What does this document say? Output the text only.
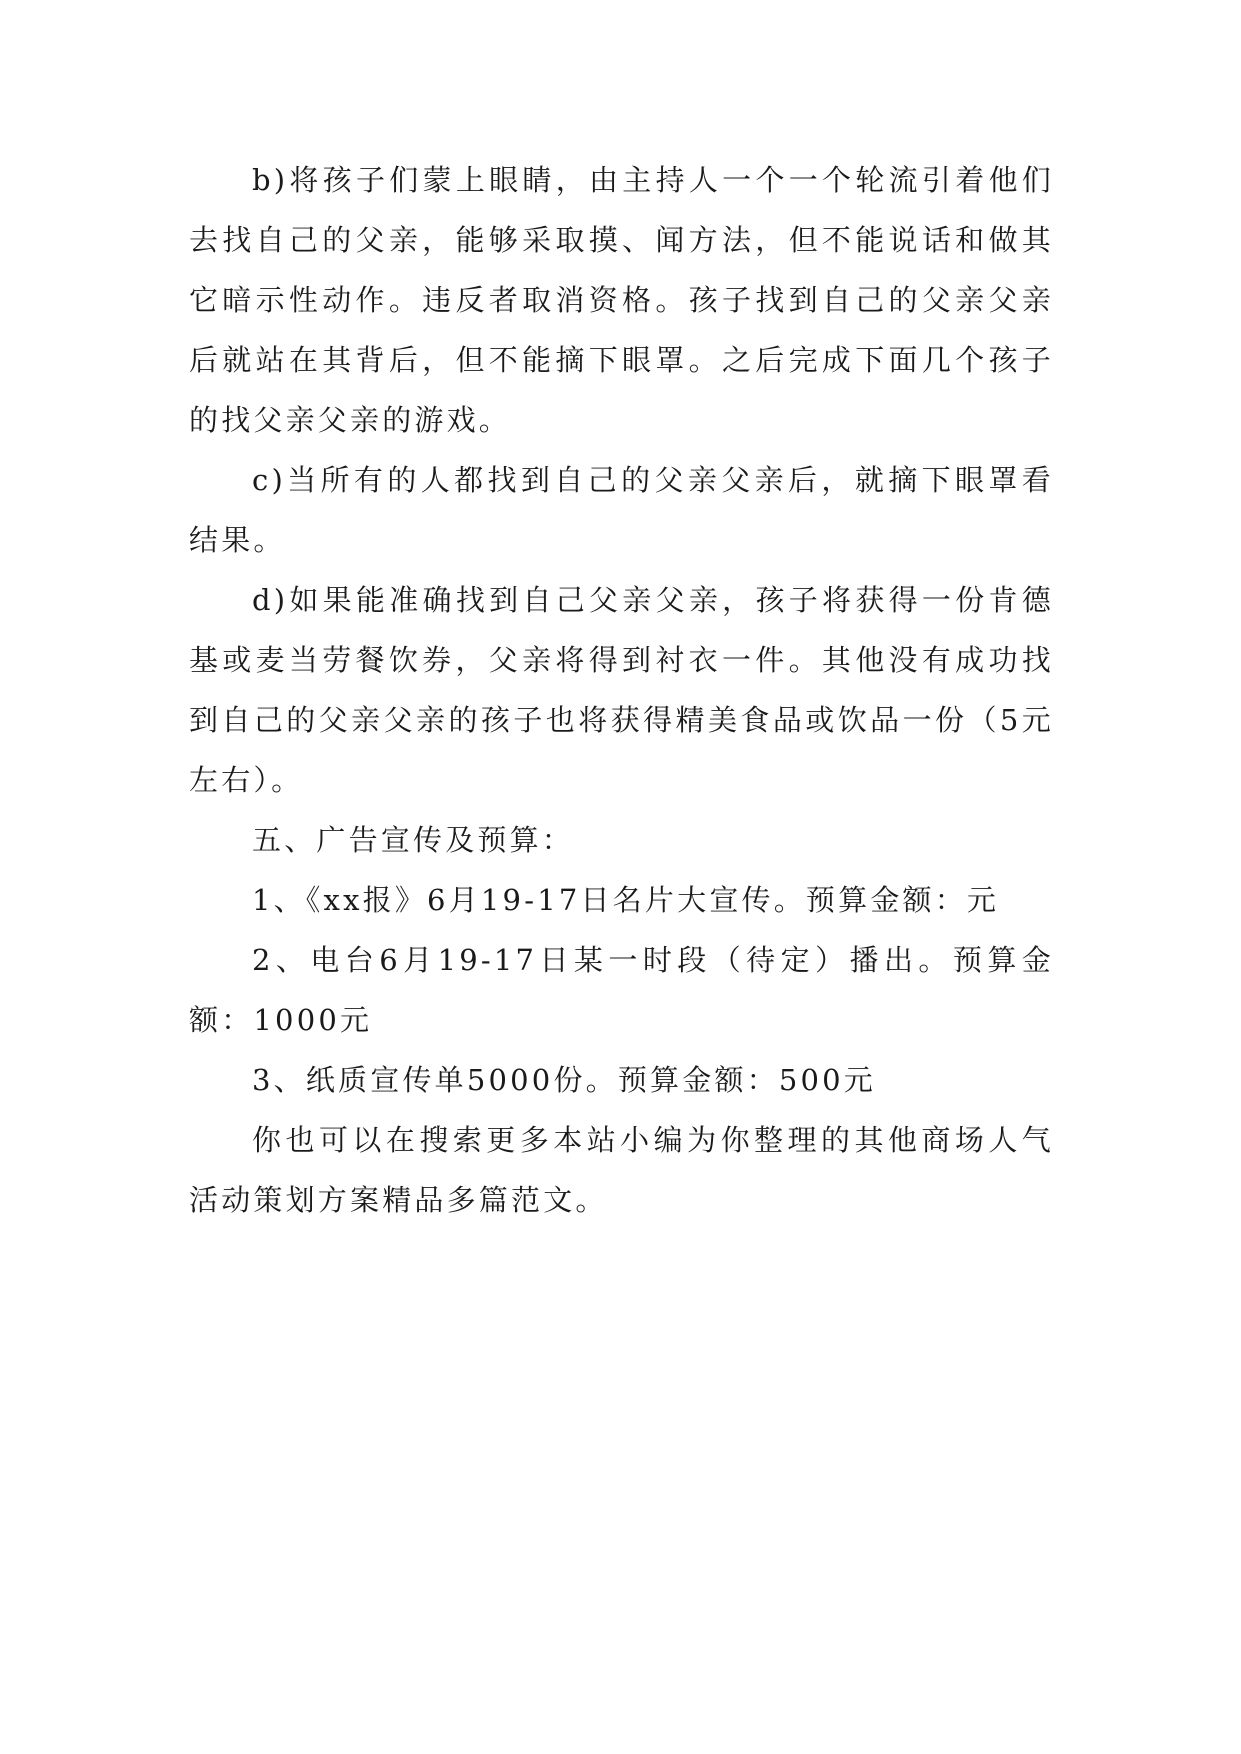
b)将孩子们蒙上眼睛，由主持人一个一个轮流引着他们去找自己的父亲，能够采取摸、闻方法，但不能说话和做其它暗示性动作。违反者取消资格。孩子找到自己的父亲父亲后就站在其背后，但不能摘下眼罩。之后完成下面几个孩子的找父亲父亲的游戏。

c)当所有的人都找到自己的父亲父亲后，就摘下眼罩看结果。

d)如果能准确找到自己父亲父亲，孩子将获得一份肯德基或麦当劳餐饮券，父亲将得到衬衣一件。其他没有成功找到自己的父亲父亲的孩子也将获得精美食品或饮品一份（5元左右）。

五、广告宣传及预算：

1、《xx报》6月19-17日名片大宣传。预算金额：元

2、电台6月19-17日某一时段（待定）播出。预算金额：1000元

3、纸质宣传单5000份。预算金额：500元

你也可以在搜索更多本站小编为你整理的其他商场人气活动策划方案精品多篇范文。
